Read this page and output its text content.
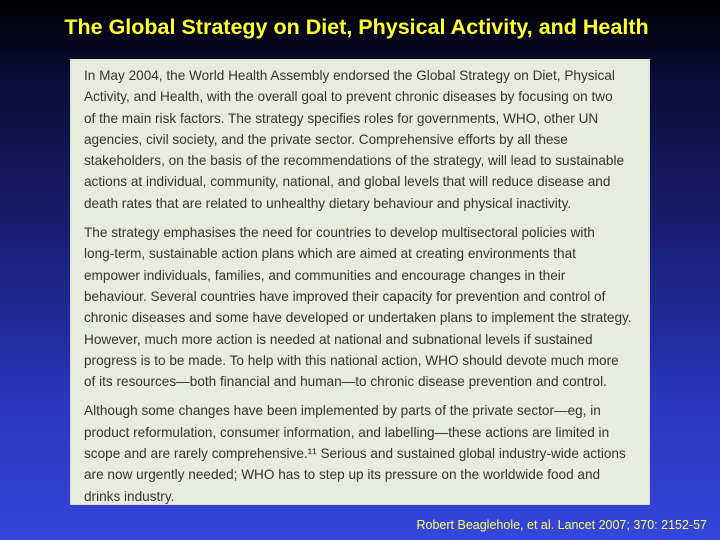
The Global Strategy on Diet, Physical Activity, and Health

In May 2004, the World Health Assembly endorsed the Global Strategy on Diet, Physical
Activity, and Health, with the overall goal to prevent chronic diseases by focusing on two
of the main risk factors. The strategy specifies roles for governments, WHO, other UN
agencies, civil society, and the private sector. Comprehensive efforts by all these
stakeholders, on the basis of the recommendations of the strategy, will lead to sustainable
actions at individual, community, national, and global levels that will reduce disease and
death rates that are related to unhealthy dietary behaviour and physical inactivity.

The strategy emphasises the need for countries to develop multisectoral policies with
long-term, sustainable action plans which are aimed at creating environments that
empower individuals, families, and communities and encourage changes in their
behaviour. Several countries have improved their capacity for prevention and control of
chronic diseases and some have developed or undertaken plans to implement the strategy.
However, much more action is needed at national and subnational levels if sustained
progress is to be made. To help with this national action, WHO should devote much more
of its resources—both financial and human—to chronic disease prevention and control.

Although some changes have been implemented by parts of the private sector—eg, in
product reformulation, consumer information, and labelling—these actions are limited in
scope and are rarely comprehensive.¹¹ Serious and sustained global industry-wide actions
are now urgently needed; WHO has to step up its pressure on the worldwide food and
drinks industry.

Robert Beaglehole, et al. Lancet 2007; 370: 2152-57
